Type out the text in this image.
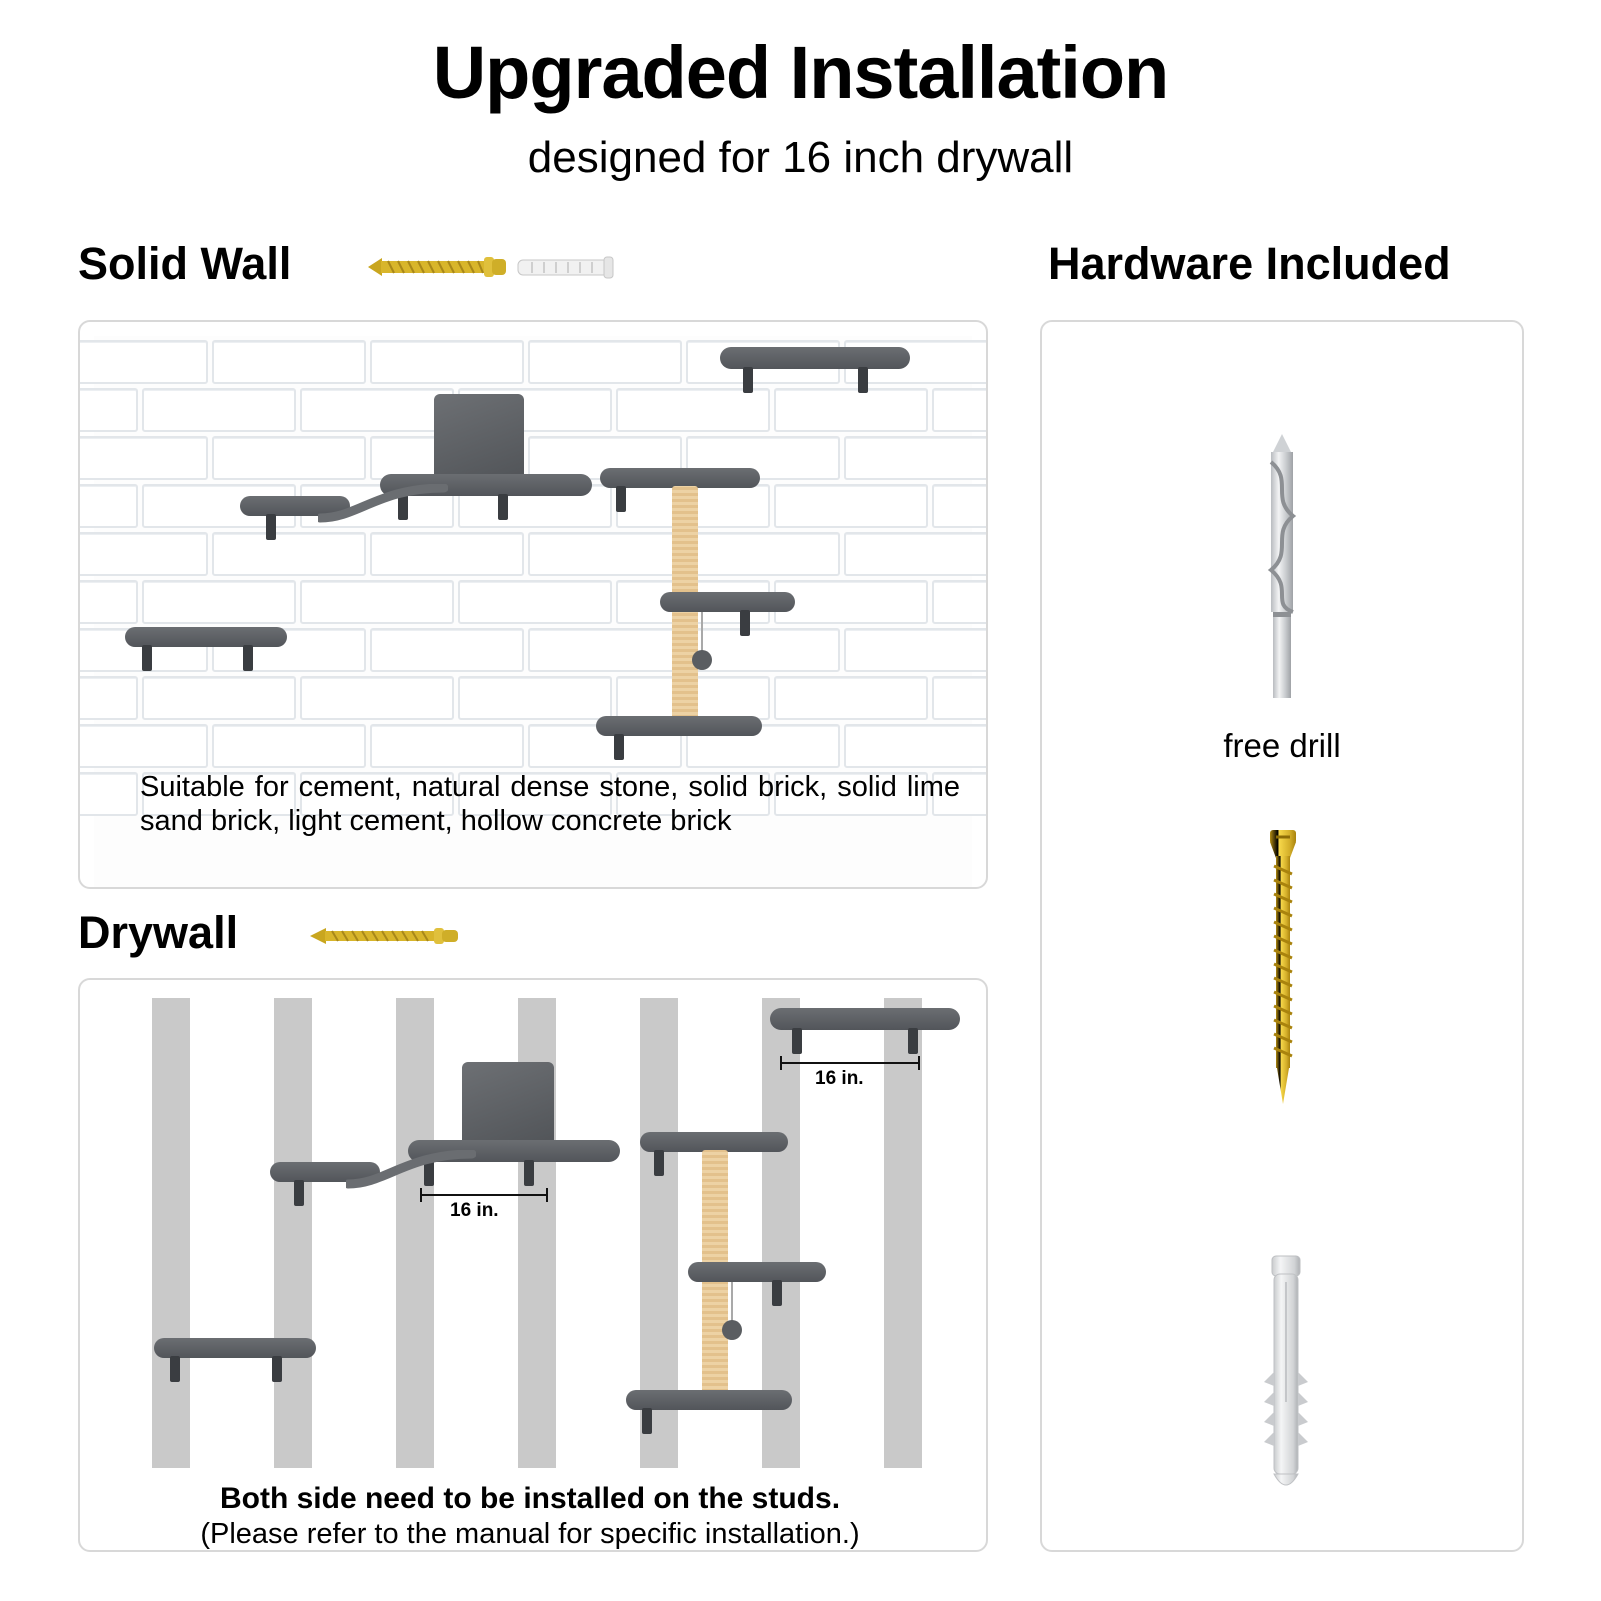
Upgraded Installation
designed for 16 inch drywall
Solid Wall
Drywall
Hardware Included
Suitable for cement, natural dense stone, solid brick, solid lime sand brick, light cement, hollow concrete brick
16 in.
16 in.
Both side need to be installed on the studs.
(Please refer to the manual for specific installation.)
free drill
